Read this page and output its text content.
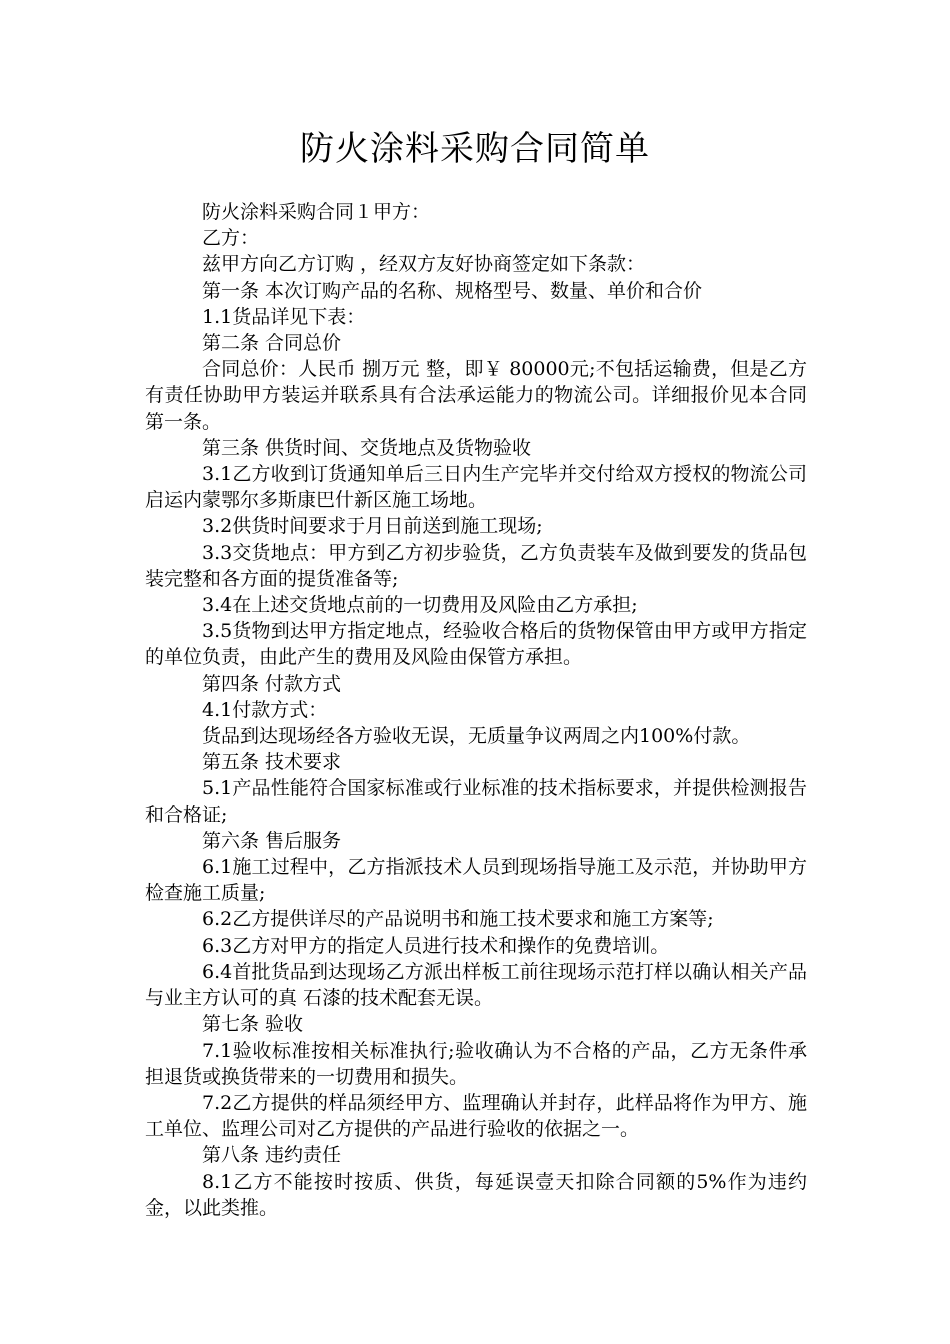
防火涂料采购合同简单

防火涂料采购合同１甲方：

乙方：

兹甲方向乙方订购 ，经双方友好协商签定如下条款：

第一条 本次订购产品的名称、规格型号、数量、单价和合价

1.1货品详见下表：

第二条 合同总价

合同总价：人民币 捌万元 整，即￥ 80000元;不包括运输费，但是乙方有责任协助甲方装运并联系具有合法承运能力的物流公司。详细报价见本合同第一条。

第三条 供货时间、交货地点及货物验收

3.1乙方收到订货通知单后三日内生产完毕并交付给双方授权的物流公司启运内蒙鄂尔多斯康巴什新区施工场地。

3.2供货时间要求于月日前送到施工现场;

3.3交货地点：甲方到乙方初步验货，乙方负责装车及做到要发的货品包装完整和各方面的提货准备等;

3.4在上述交货地点前的一切费用及风险由乙方承担;

3.5货物到达甲方指定地点，经验收合格后的货物保管由甲方或甲方指定的单位负责，由此产生的费用及风险由保管方承担。

第四条 付款方式

4.1付款方式：

货品到达现场经各方验收无误，无质量争议两周之内100%付款。

第五条 技术要求

5.1产品性能符合国家标准或行业标准的技术指标要求，并提供检测报告和合格证;

第六条 售后服务

6.1施工过程中，乙方指派技术人员到现场指导施工及示范，并协助甲方检查施工质量;

6.2乙方提供详尽的产品说明书和施工技术要求和施工方案等;

6.3乙方对甲方的指定人员进行技术和操作的免费培训。

6.4首批货品到达现场乙方派出样板工前往现场示范打样以确认相关产品与业主方认可的真 石漆的技术配套无误。

第七条 验收

7.1验收标准按相关标准执行;验收确认为不合格的产品，乙方无条件承担退货或换货带来的一切费用和损失。

7.2乙方提供的样品须经甲方、监理确认并封存，此样品将作为甲方、施工单位、监理公司对乙方提供的产品进行验收的依据之一。

第八条 违约责任

8.1乙方不能按时按质、供货，每延误壹天扣除合同额的5%作为违约金，以此类推。
